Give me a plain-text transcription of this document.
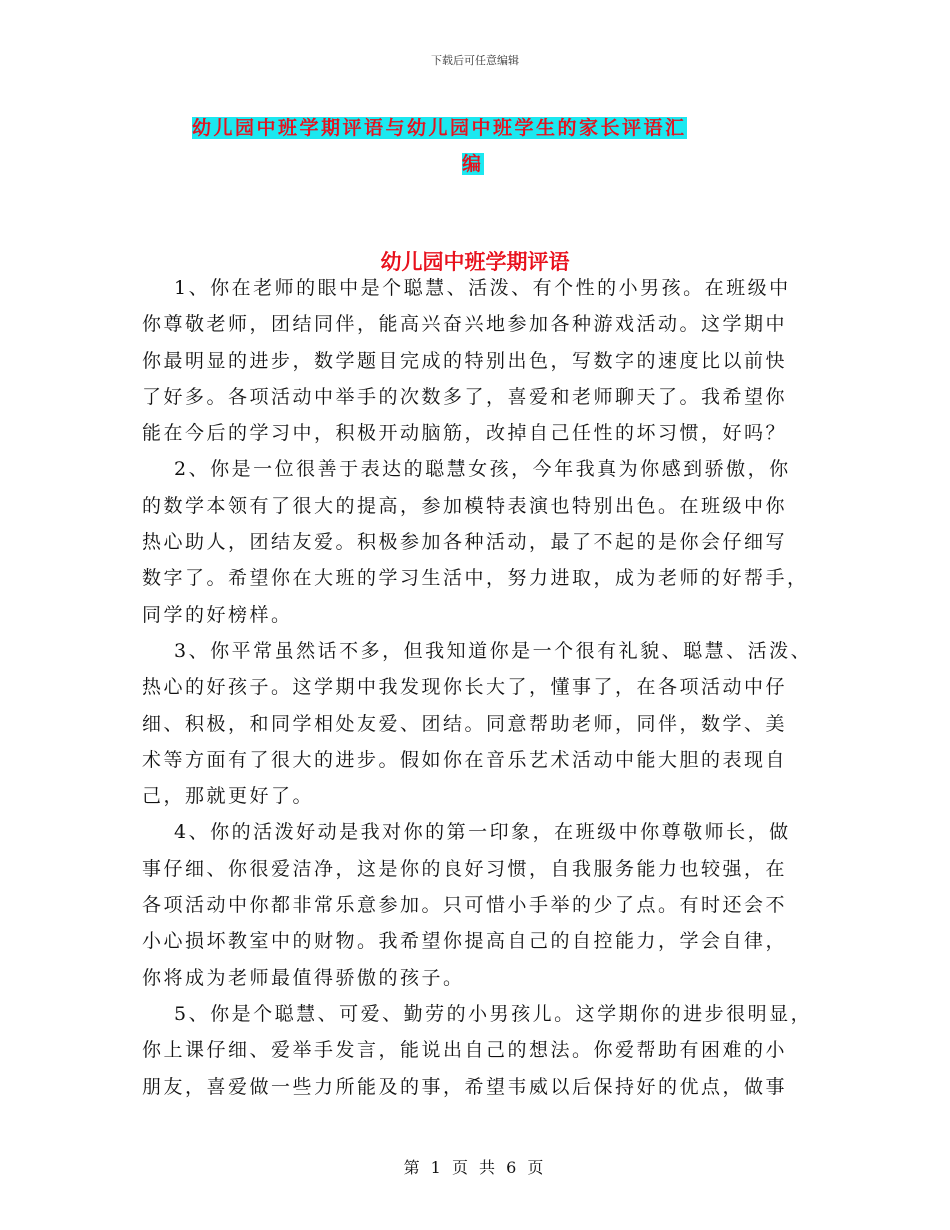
下载后可任意编辑
幼儿园中班学期评语与幼儿园中班学生的家长评语汇
编
幼儿园中班学期评语
1、你在老师的眼中是个聪慧、活泼、有个性的小男孩。在班级中
你尊敬老师，团结同伴，能高兴奋兴地参加各种游戏活动。这学期中
你最明显的进步，数学题目完成的特别出色，写数字的速度比以前快
了好多。各项活动中举手的次数多了，喜爱和老师聊天了。我希望你
能在今后的学习中，积极开动脑筋，改掉自己任性的坏习惯，好吗？
2、你是一位很善于表达的聪慧女孩，今年我真为你感到骄傲，你
的数学本领有了很大的提高，参加模特表演也特别出色。在班级中你
热心助人，团结友爱。积极参加各种活动，最了不起的是你会仔细写
数字了。希望你在大班的学习生活中，努力进取，成为老师的好帮手，
同学的好榜样。
3、你平常虽然话不多，但我知道你是一个很有礼貌、聪慧、活泼、
热心的好孩子。这学期中我发现你长大了，懂事了，在各项活动中仔
细、积极，和同学相处友爱、团结。同意帮助老师，同伴，数学、美
术等方面有了很大的进步。假如你在音乐艺术活动中能大胆的表现自
己，那就更好了。
4、你的活泼好动是我对你的第一印象，在班级中你尊敬师长，做
事仔细、你很爱洁净，这是你的良好习惯，自我服务能力也较强，在
各项活动中你都非常乐意参加。只可惜小手举的少了点。有时还会不
小心损坏教室中的财物。我希望你提高自己的自控能力，学会自律，
你将成为老师最值得骄傲的孩子。
5、你是个聪慧、可爱、勤劳的小男孩儿。这学期你的进步很明显，
你上课仔细、爱举手发言，能说出自己的想法。你爱帮助有困难的小
朋友，喜爱做一些力所能及的事，希望韦威以后保持好的优点，做事
第 1 页 共 6 页
